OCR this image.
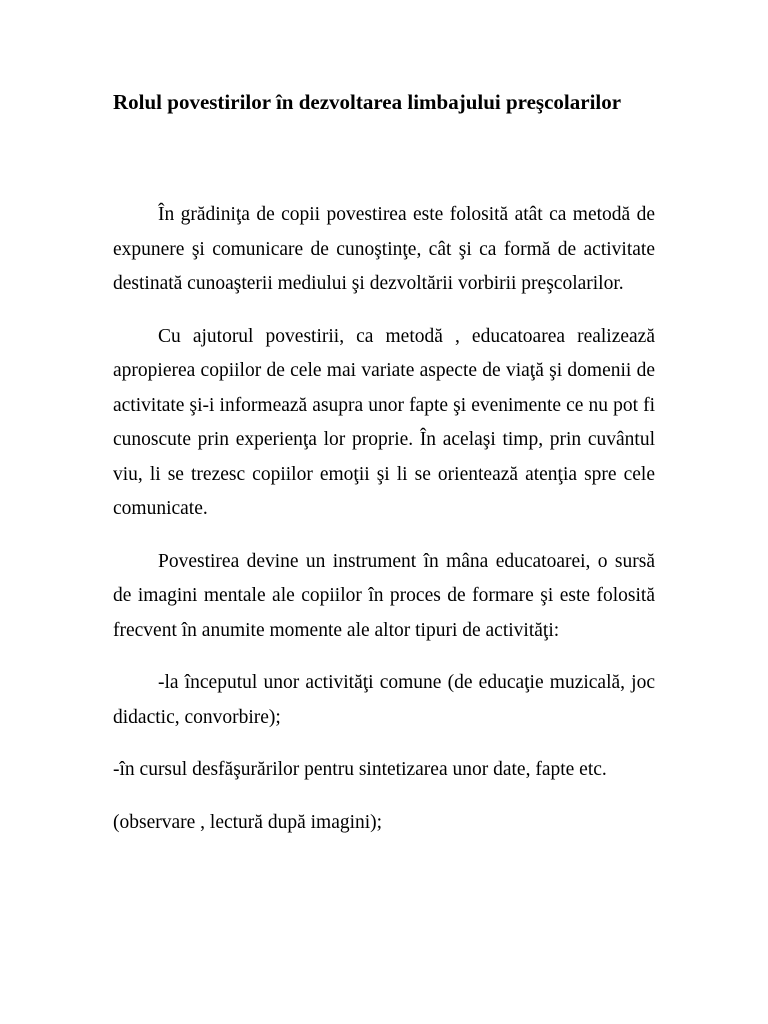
Rolul povestirilor în dezvoltarea limbajului preşcolarilor

În grădiniţa de copii povestirea este folosită atât ca metodă de expunere şi comunicare de cunoştinţe, cât şi ca formă de activitate destinată cunoaşterii mediului şi dezvoltării vorbirii preşcolarilor.

Cu ajutorul povestirii, ca metodă , educatoarea realizează apropierea copiilor de cele mai variate aspecte de viaţă şi domenii de activitate şi-i informează asupra unor fapte şi evenimente ce nu pot fi cunoscute prin experienţa lor proprie. În acelaşi timp, prin cuvântul viu, li se trezesc copiilor emoţii şi li se orientează atenţia spre cele comunicate.

Povestirea devine un instrument în mâna educatoarei, o sursă de imagini mentale ale copiilor în proces de formare şi este folosită frecvent în anumite momente ale altor tipuri de activităţi:

-la începutul unor activităţi comune (de educaţie muzicală, joc didactic, convorbire);

-în cursul desfăşurărilor pentru sintetizarea unor date, fapte etc.

(observare , lectură după imagini);
